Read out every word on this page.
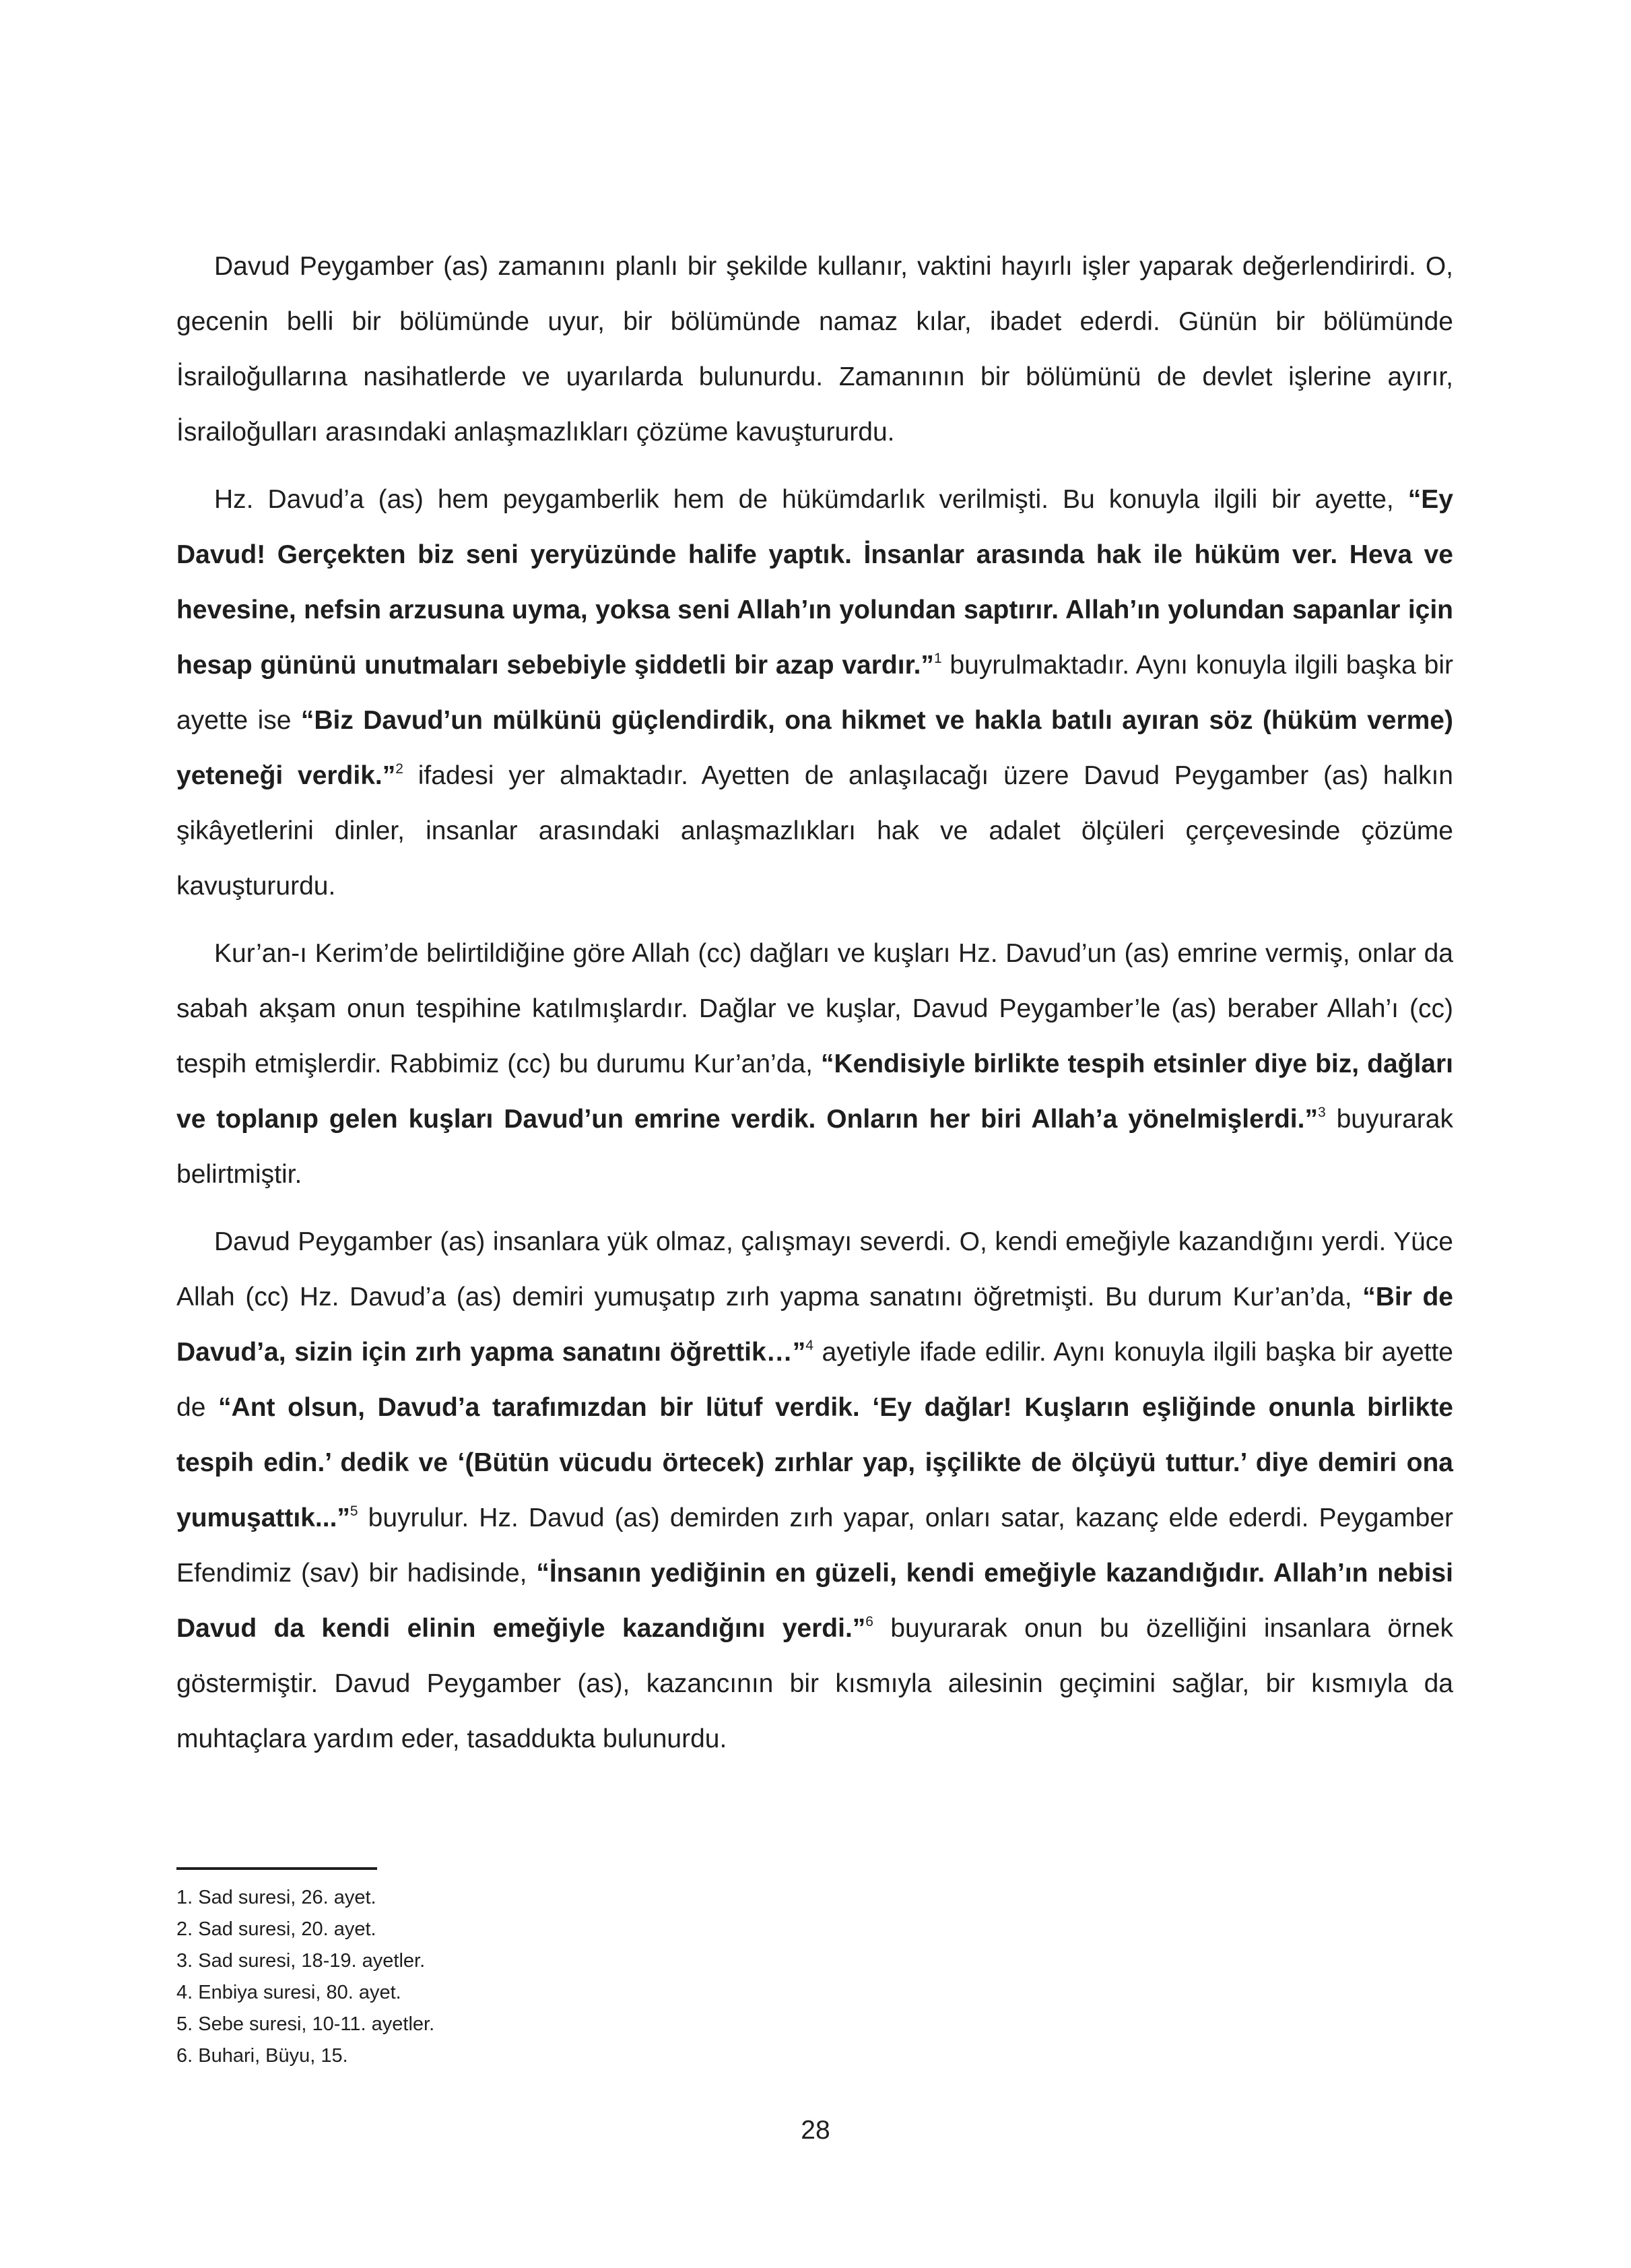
Davud Peygamber (as) zamanını planlı bir şekilde kullanır, vaktini hayırlı işler yaparak değerlendirirdi. O, gecenin belli bir bölümünde uyur, bir bölümünde namaz kılar, ibadet ederdi. Günün bir bölümünde İsrailoğullarına nasihatlerde ve uyarılarda bulunurdu. Zamanının bir bölümünü de devlet işlerine ayırır, İsrailoğulları arasındaki anlaşmazlıkları çözüme kavuştururdu.

Hz. Davud’a (as) hem peygamberlik hem de hükümdarlık verilmişti. Bu konuyla ilgili bir ayette, “Ey Davud! Gerçekten biz seni yeryüzünde halife yaptık. İnsanlar arasında hak ile hüküm ver. Heva ve hevesine, nefsin arzusuna uyma, yoksa seni Allah’ın yolundan saptırır. Allah’ın yolundan sapanlar için hesap gününü unutmaları sebebiyle şiddetli bir azap vardır.”$^1$ buyrulmaktadır. Aynı konuyla ilgili başka bir ayette ise “Biz Davud’un mülkünü güçlendirdik, ona hikmet ve hakla batılı ayıran söz (hüküm verme) yeteneği verdik.”$^2$ ifadesi yer almaktadır. Ayetten de anlaşılacağı üzere Davud Peygamber (as) halkın şikâyetlerini dinler, insanlar arasındaki anlaşmazlıkları hak ve adalet ölçüleri çerçevesinde çözüme kavuştururdu.

Kur’an-ı Kerim’de belirtildiğine göre Allah (cc) dağları ve kuşları Hz. Davud’un (as) emrine vermiş, onlar da sabah akşam onun tespihine katılmışlardır. Dağlar ve kuşlar, Davud Peygamber’le (as) beraber Allah’ı (cc) tespih etmişlerdir. Rabbimiz (cc) bu durumu Kur’an’da, “Kendisiyle birlikte tespih etsinler diye biz, dağları ve toplanıp gelen kuşları Davud’un emrine verdik. Onların her biri Allah’a yönelmişlerdi.”$^3$ buyurarak belirtmiştir.

Davud Peygamber (as) insanlara yük olmaz, çalışmayı severdi. O, kendi emeğiyle kazandığını yerdi. Yüce Allah (cc) Hz. Davud’a (as) demiri yumuşatıp zırh yapma sanatını öğretmişti. Bu durum Kur’an’da, “Bir de Davud’a, sizin için zırh yapma sanatını öğrettik…”$^4$ ayetiyle ifade edilir. Aynı konuyla ilgili başka bir ayette de “Ant olsun, Davud’a tarafımızdan bir lütuf verdik. ‘Ey dağlar! Kuşların eşliğinde onunla birlikte tespih edin.’ dedik ve ‘(Bütün vücudu örtecek) zırhlar yap, işçilikte de ölçüyü tuttur.’ diye demiri ona yumuşattık...”$^5$ buyrulur. Hz. Davud (as) demirden zırh yapar, onları satar, kazanç elde ederdi. Peygamber Efendimiz (sav) bir hadisinde, “İnsanın yediğinin en güzeli, kendi emeğiyle kazandığıdır. Allah’ın nebisi Davud da kendi elinin emeğiyle kazandığını yerdi.”$^6$ buyurarak onun bu özelliğini insanlara örnek göstermiştir. Davud Peygamber (as), kazancının bir kısmıyla ailesinin geçimini sağlar, bir kısmıyla da muhtaçlara yardım eder, tasaddukta bulunurdu.

1. Sad suresi, 26. ayet.
2. Sad suresi, 20. ayet.
3. Sad suresi, 18-19. ayetler.
4. Enbiya suresi, 80. ayet.
5. Sebe suresi, 10-11. ayetler.
6. Buhari, Büyu, 15.
28
